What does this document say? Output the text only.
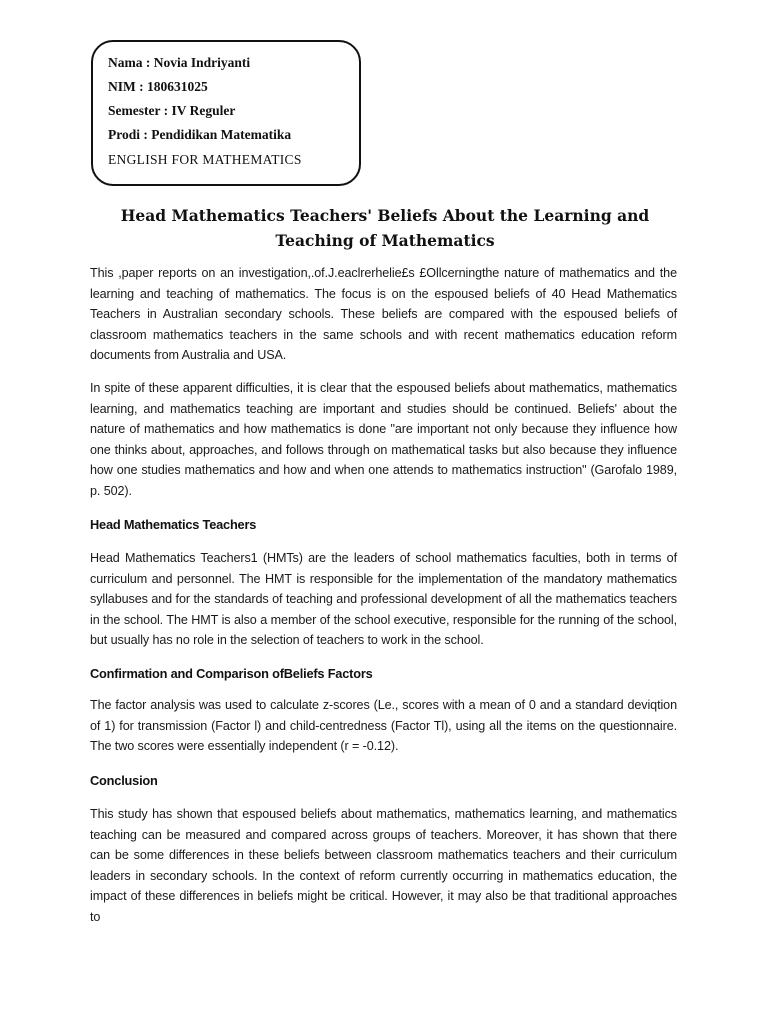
Nama : Novia Indriyanti
NIM : 180631025
Semester : IV Reguler
Prodi : Pendidikan Matematika
ENGLISH FOR MATHEMATICS
Head Mathematics Teachers' Beliefs About the Learning and Teaching of Mathematics

This ,paper reports on an investigation,.of.J.eaclrerhelie£s £Ollcerningthe nature of mathematics and the learning and teaching of mathematics. The focus is on the espoused beliefs of 40 Head Mathematics Teachers in Australian secondary schools. These beliefs are compared with the espoused beliefs of classroom mathematics teachers in the same schools and with recent mathematics education reform documents from Australia and USA.

In spite of these apparent difficulties, it is clear that the espoused beliefs about mathematics, mathematics learning, and mathematics teaching are important and studies should be continued. Beliefs' about the nature of mathematics and how mathematics is done "are important not only because they influence how one thinks about, approaches, and follows through on mathematical tasks but also because they influence how one studies mathematics and how and when one attends to mathematics instruction" (Garofalo 1989, p. 502).

Head Mathematics Teachers

Head Mathematics Teachers1 (HMTs) are the leaders of school mathematics faculties, both in terms of curriculum and personnel. The HMT is responsible for the implementation of the mandatory mathematics syllabuses and for the standards of teaching and professional development of all the mathematics teachers in the school. The HMT is also a member of the school executive, responsible for the running of the school, but usually has no role in the selection of teachers to work in the school.

Confirmation and Comparison ofBeliefs Factors

The factor analysis was used to calculate z-scores (Le., scores with a mean of 0 and a standard deviqtion of 1) for transmission (Factor l) and child-centredness (Factor Tl), using all the items on the questionnaire. The two scores were essentially independent (r = -0.12).

Conclusion

This study has shown that espoused beliefs about mathematics, mathematics learning, and mathematics teaching can be measured and compared across groups of teachers. Moreover, it has shown that there can be some differences in these beliefs between classroom mathematics teachers and their curriculum leaders in secondary schools. In the context of reform currently occurring in mathematics education, the impact of these differences in beliefs might be critical. However, it may also be that traditional approaches to
